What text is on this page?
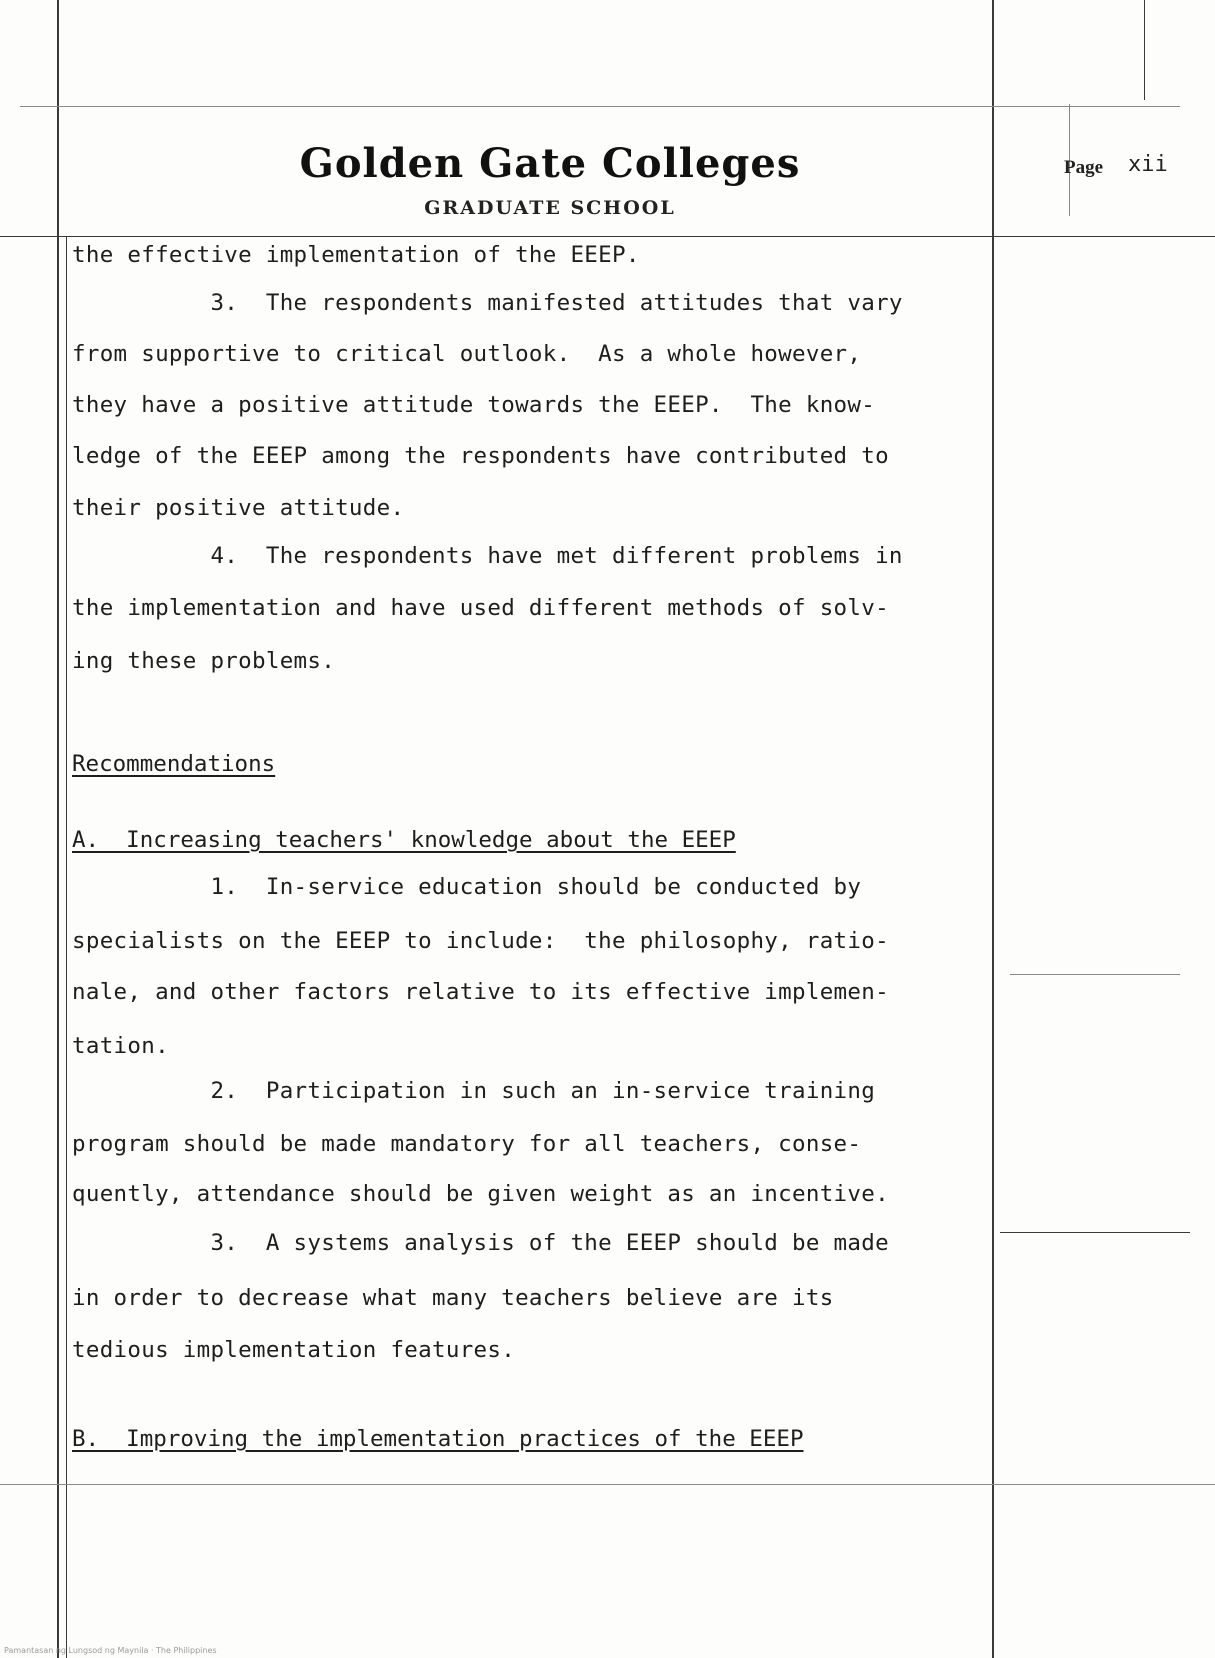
Golden Gate Colleges
GRADUATE SCHOOL
Page xii
the effective implementation of the EEEP.
3.  The respondents manifested attitudes that vary
from supportive to critical outlook.  As a whole however,
they have a positive attitude towards the EEEP.  The know-
ledge of the EEEP among the respondents have contributed to
their positive attitude.
4.  The respondents have met different problems in
the implementation and have used different methods of solv-
ing these problems.
Recommendations
A.  Increasing teachers' knowledge about the EEEP
1.  In-service education should be conducted by
specialists on the EEEP to include:  the philosophy, ratio-
nale, and other factors relative to its effective implemen-
tation.
2.  Participation in such an in-service training
program should be made mandatory for all teachers, conse-
quently, attendance should be given weight as an incentive.
3.  A systems analysis of the EEEP should be made
in order to decrease what many teachers believe are its
tedious implementation features.
B.  Improving the implementation practices of the EEEP
Pamantasan ng Lungsod ng Maynila · The Philippines
